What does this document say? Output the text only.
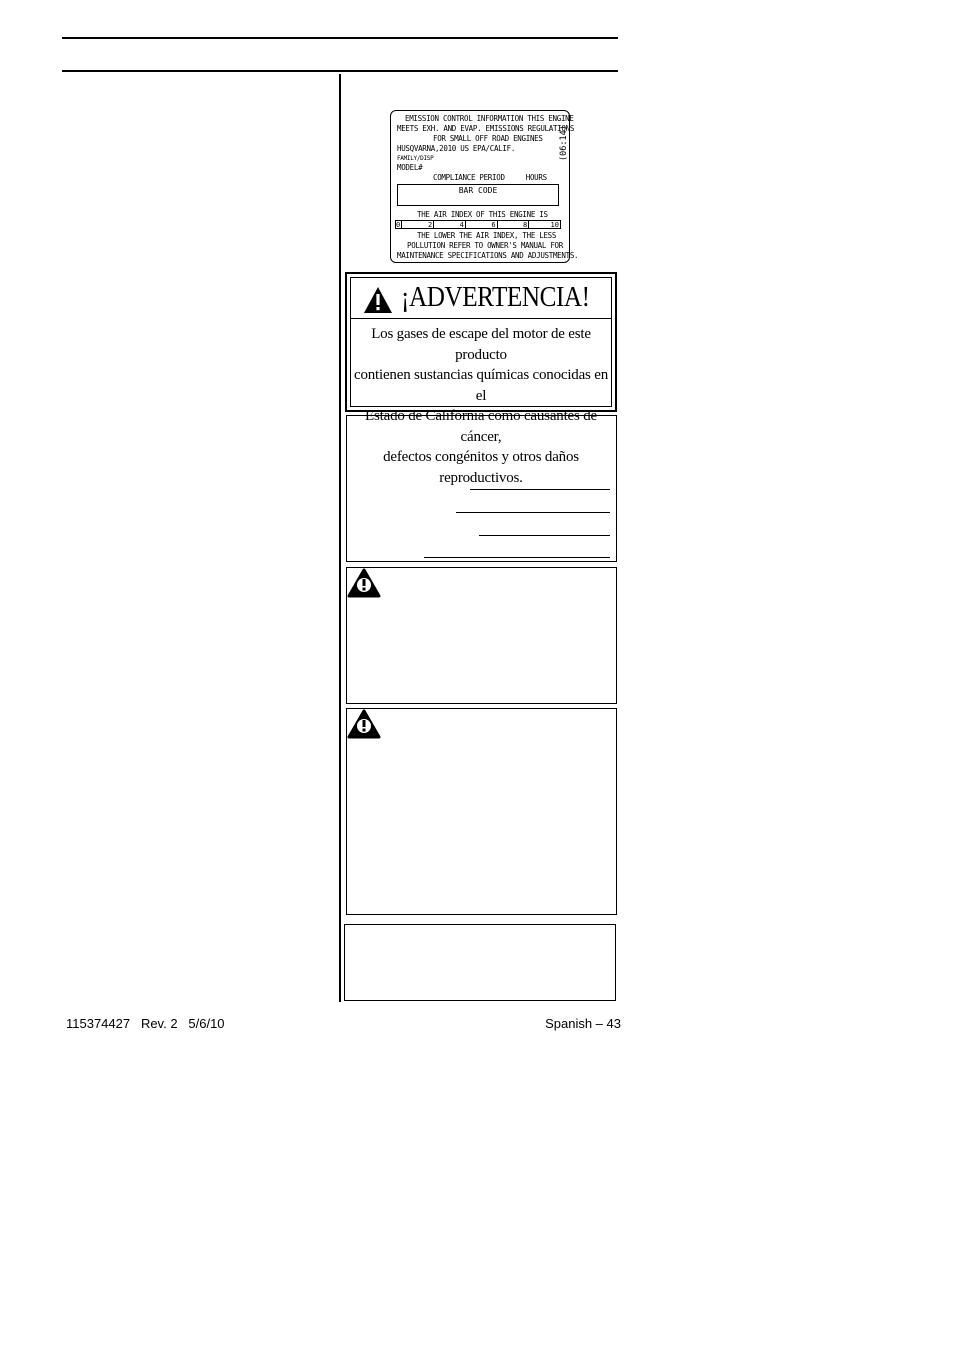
EMISSION CONTROL INFORMATION THIS ENGINE
MEETS EXH. AND EVAP. EMISSIONS REGULATIONS
FOR SMALL OFF ROAD ENGINES
HUSQVARNA,2010 US EPA/CALIF.
FAMILY/DISP
MODEL#
COMPLIANCE PERIOD     HOURS
BAR CODE
(06:14)
THE AIR INDEX OF THIS ENGINE IS
0	2	4	6	8	10
THE LOWER THE AIR INDEX, THE LESS
POLLUTION REFER TO OWNER'S MANUAL FOR
MAINTENANCE SPECIFICATIONS AND ADJUSTMENTS.
¡ADVERTENCIA!
Los gases de escape del motor de este producto
contienen sustancias químicas conocidas en el
Estado de California como causantes de cáncer,
defectos congénitos y otros daños reproductivos.
115374427   Rev. 2   5/6/10	Spanish – 43
